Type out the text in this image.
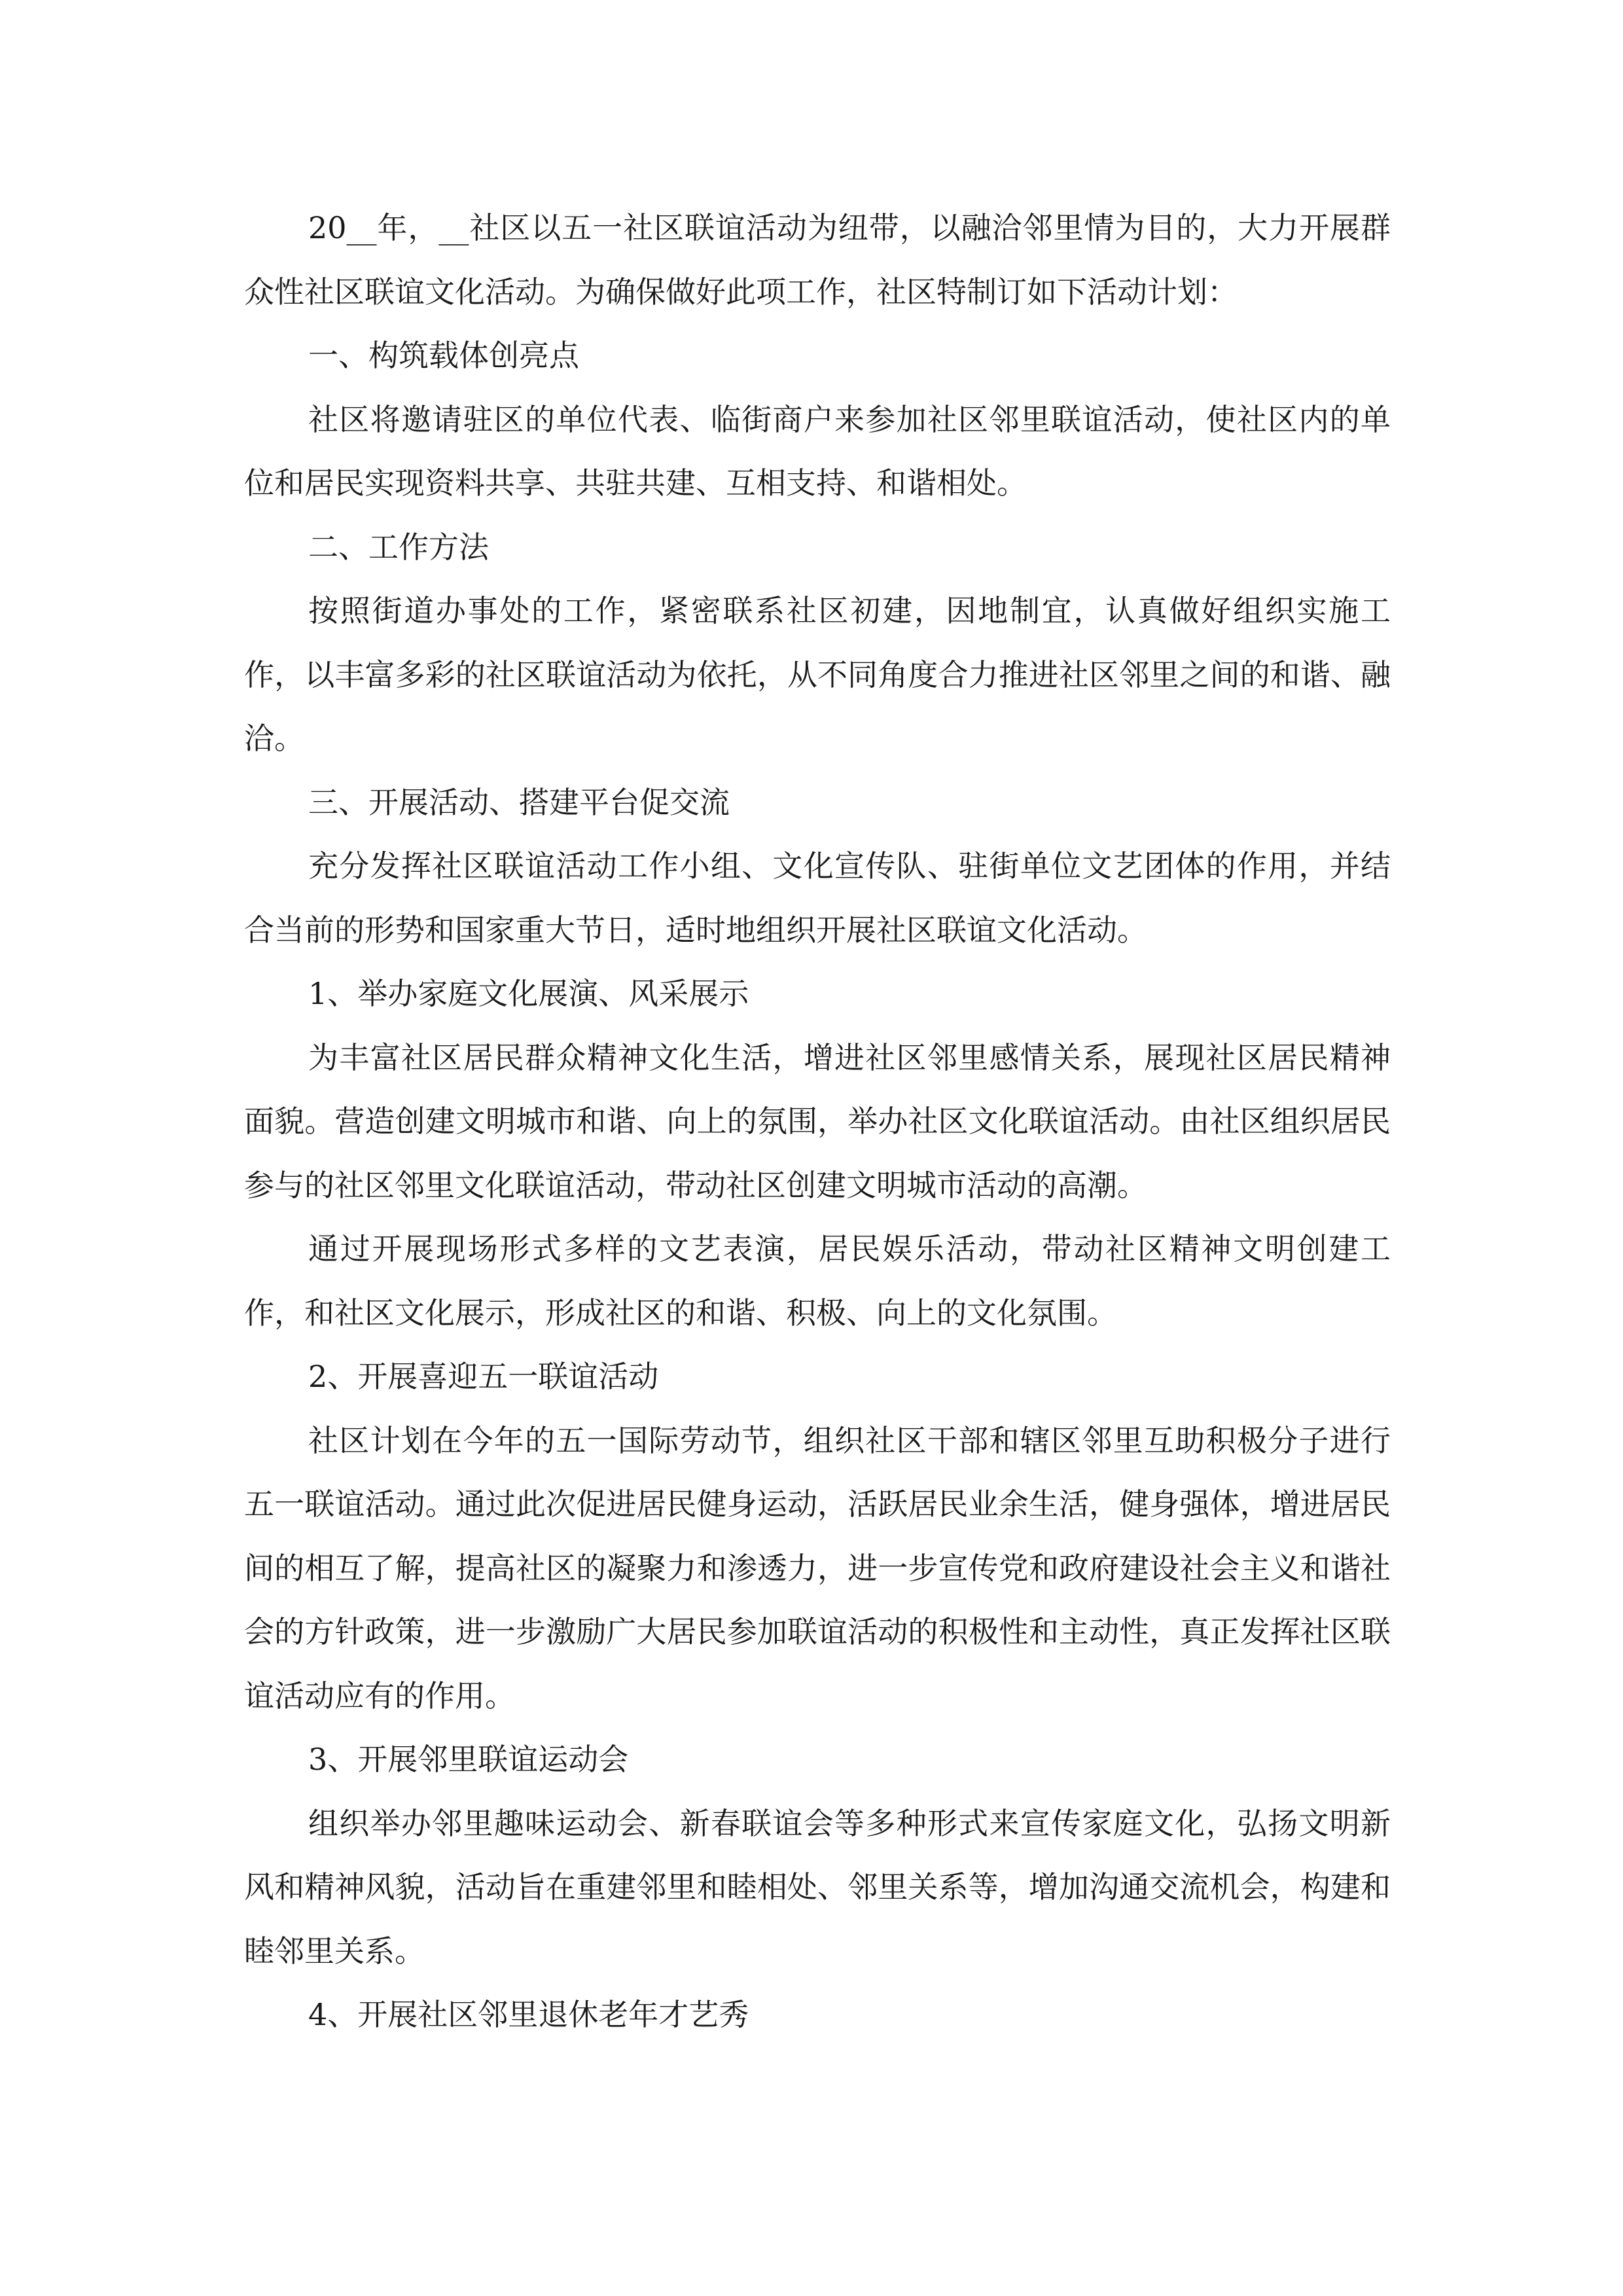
20__年，__社区以五一社区联谊活动为纽带，以融洽邻里情为目的，大力开展群众性社区联谊文化活动。为确保做好此项工作，社区特制订如下活动计划：

一、构筑载体创亮点

社区将邀请驻区的单位代表、临街商户来参加社区邻里联谊活动，使社区内的单位和居民实现资料共享、共驻共建、互相支持、和谐相处。

二、工作方法

按照街道办事处的工作，紧密联系社区初建，因地制宜，认真做好组织实施工作，以丰富多彩的社区联谊活动为依托，从不同角度合力推进社区邻里之间的和谐、融洽。

三、开展活动、搭建平台促交流

充分发挥社区联谊活动工作小组、文化宣传队、驻街单位文艺团体的作用，并结合当前的形势和国家重大节日，适时地组织开展社区联谊文化活动。

1、举办家庭文化展演、风采展示

为丰富社区居民群众精神文化生活，增进社区邻里感情关系，展现社区居民精神面貌。营造创建文明城市和谐、向上的氛围，举办社区文化联谊活动。由社区组织居民参与的社区邻里文化联谊活动，带动社区创建文明城市活动的高潮。

通过开展现场形式多样的文艺表演，居民娱乐活动，带动社区精神文明创建工作，和社区文化展示，形成社区的和谐、积极、向上的文化氛围。

2、开展喜迎五一联谊活动

社区计划在今年的五一国际劳动节，组织社区干部和辖区邻里互助积极分子进行五一联谊活动。通过此次促进居民健身运动，活跃居民业余生活，健身强体，增进居民间的相互了解，提高社区的凝聚力和渗透力，进一步宣传党和政府建设社会主义和谐社会的方针政策，进一步激励广大居民参加联谊活动的积极性和主动性，真正发挥社区联谊活动应有的作用。

3、开展邻里联谊运动会

组织举办邻里趣味运动会、新春联谊会等多种形式来宣传家庭文化，弘扬文明新风和精神风貌，活动旨在重建邻里和睦相处、邻里关系等，增加沟通交流机会，构建和睦邻里关系。

4、开展社区邻里退休老年才艺秀
